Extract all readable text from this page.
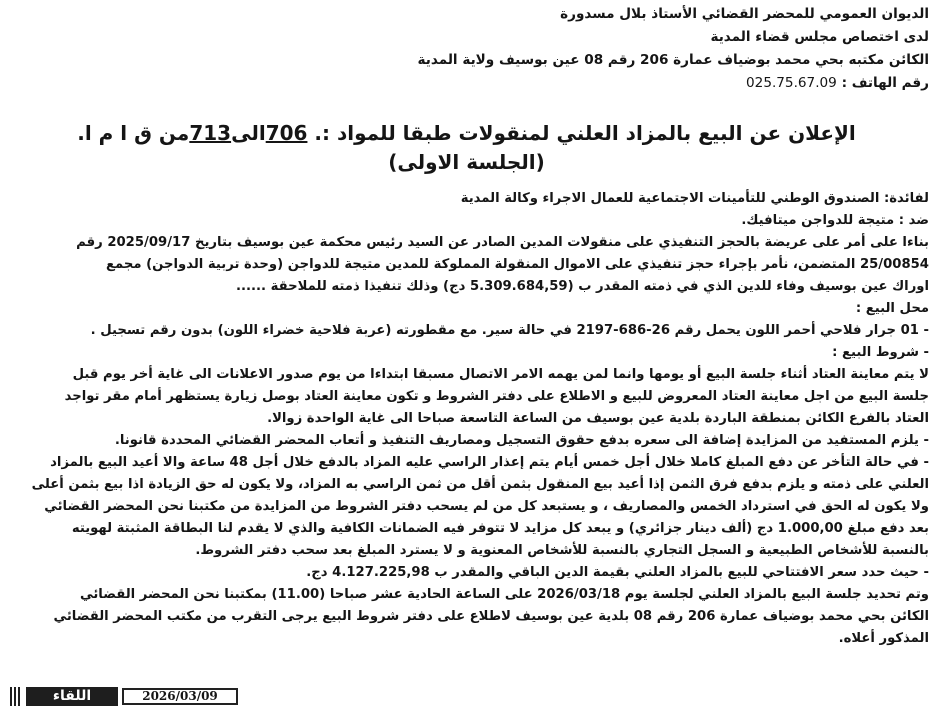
الديوان العمومي للمحضر القضائي الأستاذ بلال مسدورة
لدى اختصاص مجلس قضاء المدية
الكائن مكتبه بحي محمد بوضياف عمارة 206 رقم 08 عين بوسيف ولاية المدية
رقم الهاتف : 025.75.67.09
الإعلان عن البيع بالمزاد العلني لمنقولات طبقا للمواد :. 706الى713من ق ا م ا.
(الجلسة الاولى)
لفائدة: الصندوق الوطني للتأمينات الاجتماعية للعمال الاجراء وكالة المدية
ضد : متيجة للدواجن ميتافيك.
بناءا على أمر على عريضة بالحجز التنفيذي على منقولات المدين الصادر عن السيد رئيس محكمة عين بوسيف بتاريخ 2025/09/17 رقم
25/00854 المتضمن، نأمر بإجراء حجز تنفيذي على الاموال المنقولة المملوكة للمدين متيجة للدواجن (وحدة تربية الدواجن) مجمع
اوراك عين بوسيف وفاء للدين الذي في ذمته المقدر ب (5.309.684,59 دج) وذلك تنفيذا ذمته للملاحقة ......
محل البيع :
- 01 جرار فلاحي أحمر اللون يحمل رقم 26-686-2197 في حالة سير. مع مقطورته (عربة فلاحية خضراء اللون) بدون رقم تسجيل .
- شروط البيع :
لا يتم معاينة العتاد أثناء جلسة البيع أو يومها وانما لمن يهمه الامر الاتصال مسبقا ابتداءا من يوم صدور الاعلانات الى غاية أخر يوم قبل
جلسة البيع من اجل معاينة العتاد المعروض للبيع و الاطلاع على دفتر الشروط و تكون معاينة العتاد بوصل زيارة يستظهر أمام مقر تواجد
العتاد بالفرع الكائن بمنطقة الباردة بلدية عين بوسيف من الساعة التاسعة صباحا الى غاية الواحدة زوالا.
- يلزم المستفيد من المزايدة إضافة الى سعره بدفع حقوق التسجيل ومصاريف التنفيذ و أتعاب المحضر القضائي المحددة قانونا.
- في حالة التأخر عن دفع المبلغ كاملا خلال أجل خمس أيام يتم إعذار الراسي عليه المزاد بالدفع خلال أجل 48 ساعة والا أعيد البيع بالمزاد
العلني على ذمته و يلزم بدفع فرق الثمن إذا أعيد بيع المنقول بثمن أقل من ثمن الراسي به المزاد، ولا يكون له حق الزيادة اذا بيع بثمن أعلى
ولا يكون له الحق في استرداد الخمس والمصاريف ، و يستبعد كل من لم يسحب دفتر الشروط من المزايدة من مكتبنا نحن المحضر القضائي
بعد دفع مبلغ 1.000,00 دج (ألف دينار جزائري) و يبعد كل مزايد لا تتوفر فيه الضمانات الكافية والذي لا يقدم لنا البطاقة المثبتة لهويته
بالنسبة للأشخاص الطبيعية و السجل التجاري بالنسبة للأشخاص المعنوية و لا يسترد المبلغ بعد سحب دفتر الشروط.
- حيث حدد سعر الافتتاحي للبيع بالمزاد العلني بقيمة الدين الباقي والمقدر ب 4.127.225,98 دج.
وتم تحديد جلسة البيع بالمزاد العلني لجلسة يوم 2026/03/18 على الساعة الحادية عشر صباحا (11.00) بمكتبنا نحن المحضر القضائي
الكائن بحي محمد بوضياف عمارة 206 رقم 08 بلدية عين بوسيف لاطلاع على دفتر شروط البيع يرجى التقرب من مكتب المحضر القضائي
المذكور أعلاه.
اللقاء	2026/03/09
